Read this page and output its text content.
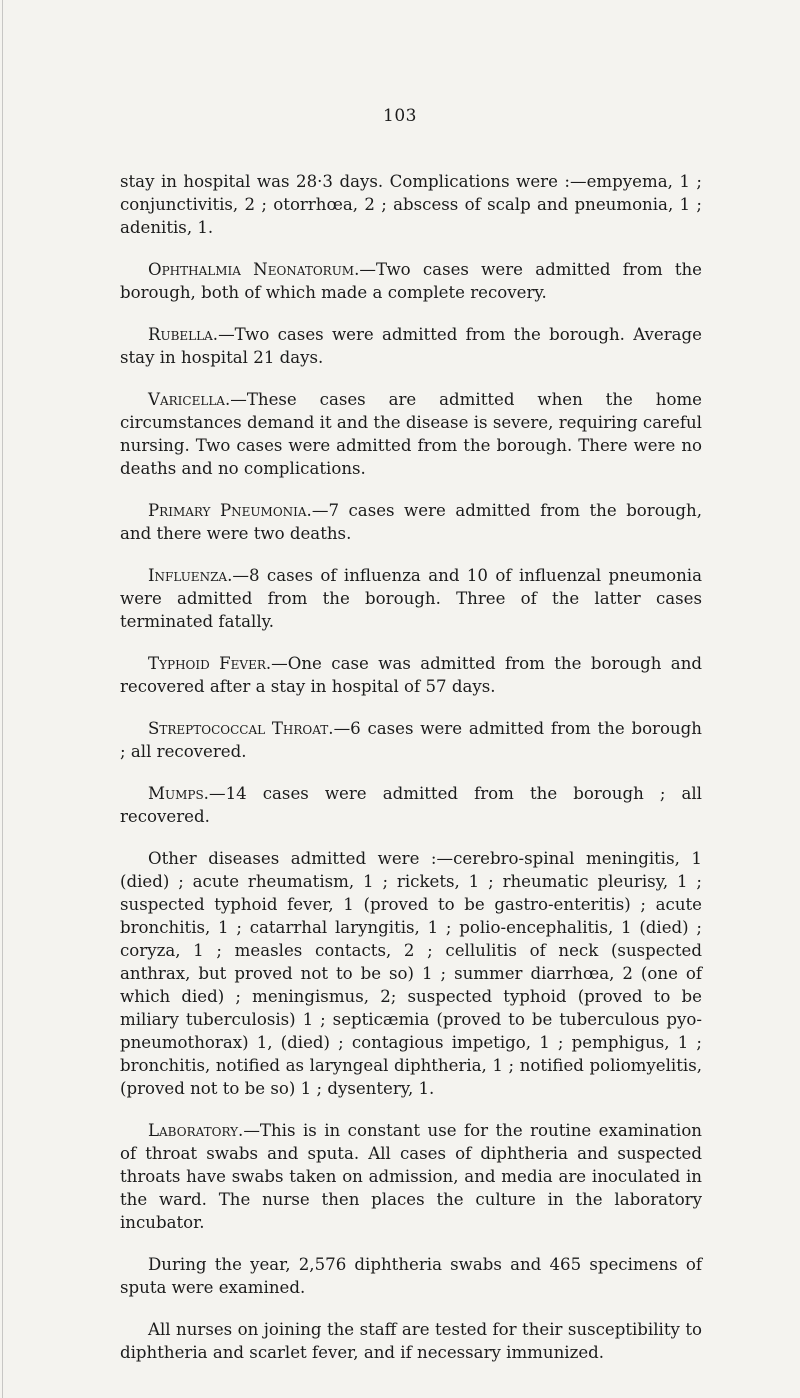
103

stay in hospital was 28·3 days. Complications were :—empyema, 1 ; conjunctivitis, 2 ; otorrhœa, 2 ; abscess of scalp and pneumonia, 1 ; adenitis, 1.

Ophthalmia Neonatorum.—Two cases were admitted from the borough, both of which made a complete recovery.

Rubella.—Two cases were admitted from the borough. Average stay in hospital 21 days.

Varicella.—These cases are admitted when the home circumstances demand it and the disease is severe, requiring careful nursing. Two cases were admitted from the borough. There were no deaths and no complications.

Primary Pneumonia.—7 cases were admitted from the borough, and there were two deaths.

Influenza.—8 cases of influenza and 10 of influenzal pneumonia were admitted from the borough. Three of the latter cases terminated fatally.

Typhoid Fever.—One case was admitted from the borough and recovered after a stay in hospital of 57 days.

Streptococcal Throat.—6 cases were admitted from the borough ; all recovered.

Mumps.—14 cases were admitted from the borough ; all recovered.

Other diseases admitted were :—cerebro-spinal meningitis, 1 (died) ; acute rheumatism, 1 ; rickets, 1 ; rheumatic pleurisy, 1 ; suspected typhoid fever, 1 (proved to be gastro-enteritis) ; acute bronchitis, 1 ; catarrhal laryngitis, 1 ; polio-encephalitis, 1 (died) ; coryza, 1 ; measles contacts, 2 ; cellulitis of neck (suspected anthrax, but proved not to be so) 1 ; summer diarrhœa, 2 (one of which died) ; meningismus, 2; suspected typhoid (proved to be miliary tuberculosis) 1 ; septicæmia (proved to be tuberculous pyo-pneumothorax) 1, (died) ; contagious impetigo, 1 ; pemphigus, 1 ; bronchitis, notified as laryngeal diphtheria, 1 ; notified poliomyelitis, (proved not to be so) 1 ; dysentery, 1.

Laboratory.—This is in constant use for the routine examination of throat swabs and sputa. All cases of diphtheria and suspected throats have swabs taken on admission, and media are inoculated in the ward. The nurse then places the culture in the laboratory incubator.

During the year, 2,576 diphtheria swabs and 465 specimens of sputa were examined.

All nurses on joining the staff are tested for their susceptibility to diphtheria and scarlet fever, and if necessary immunized.
